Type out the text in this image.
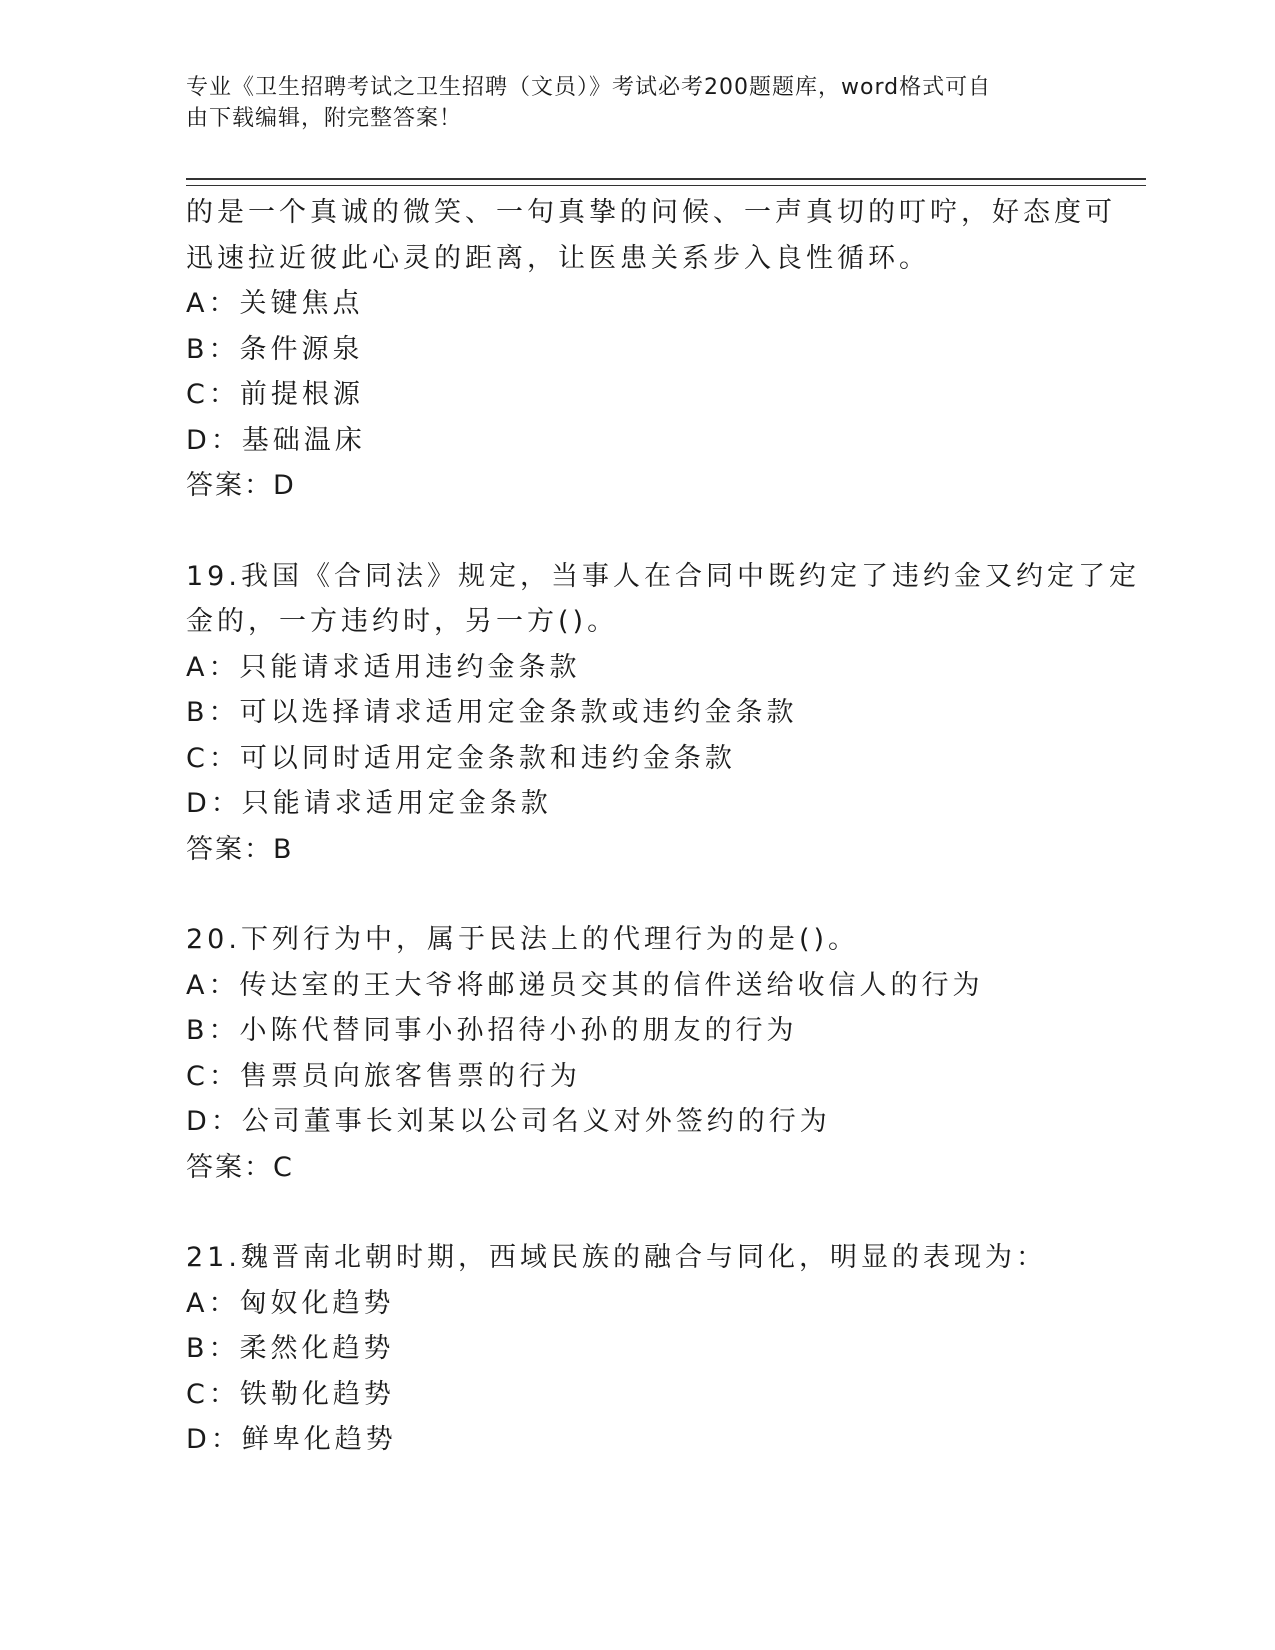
专业《卫生招聘考试之卫生招聘（文员）》考试必考200题题库，word格式可自
由下载编辑，附完整答案！
的是一个真诚的微笑、一句真挚的问候、一声真切的叮咛，好态度可
迅速拉近彼此心灵的距离，让医患关系步入良性循环。
A：关键焦点
B：条件源泉
C：前提根源
D：基础温床
答案：D
19.我国《合同法》规定，当事人在合同中既约定了违约金又约定了定
金的，一方违约时，另一方()。
A：只能请求适用违约金条款
B：可以选择请求适用定金条款或违约金条款
C：可以同时适用定金条款和违约金条款
D：只能请求适用定金条款
答案：B
20.下列行为中，属于民法上的代理行为的是()。
A：传达室的王大爷将邮递员交其的信件送给收信人的行为
B：小陈代替同事小孙招待小孙的朋友的行为
C：售票员向旅客售票的行为
D：公司董事长刘某以公司名义对外签约的行为
答案：C
21.魏晋南北朝时期，西域民族的融合与同化，明显的表现为：
A：匈奴化趋势
B：柔然化趋势
C：铁勒化趋势
D：鲜卑化趋势
